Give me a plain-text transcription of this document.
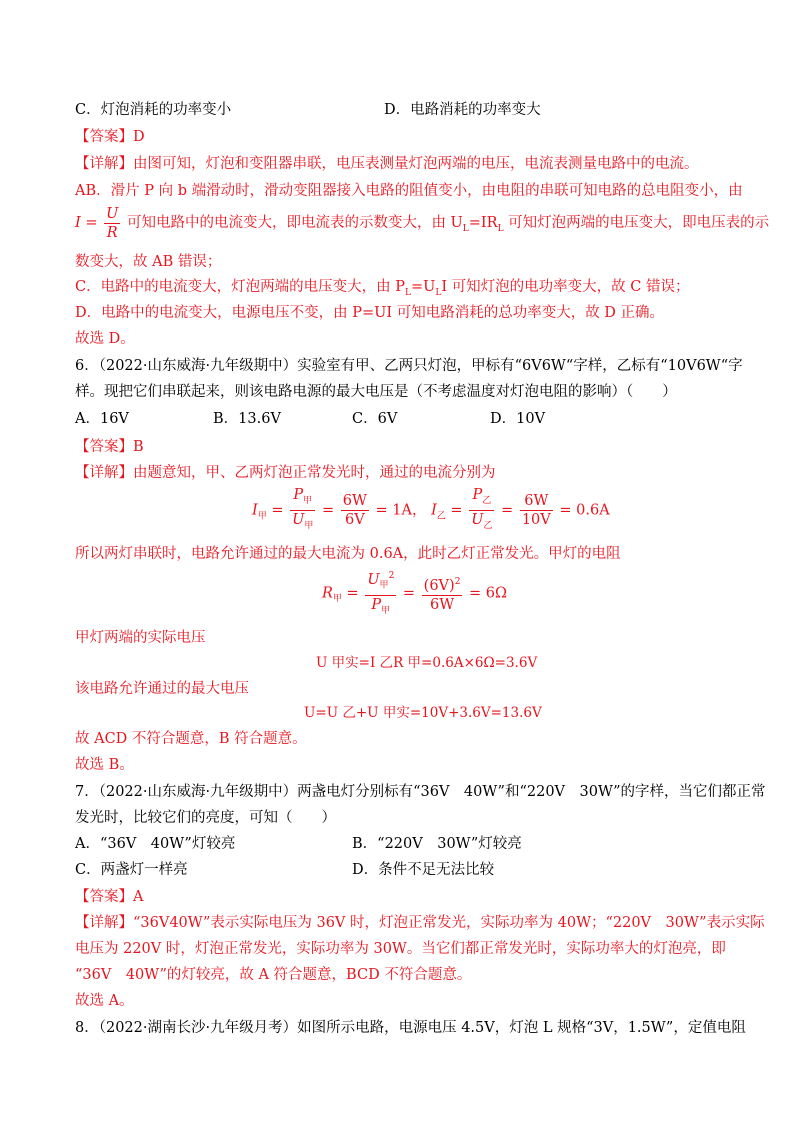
C．灯泡消耗的功率变小	D．电路消耗的功率变大
【答案】D
【详解】由图可知，灯泡和变阻器串联，电压表测量灯泡两端的电压，电流表测量电路中的电流。
AB．滑片 P 向 b 端滑动时，滑动变阻器接入电路的阻值变小，由电阻的串联可知电路的总电阻变小，由
$I = \frac{U}{R}$ 可知电路中的电流变大，即电流表的示数变大，由 $U_L=IR_L$ 可知灯泡两端的电压变大，即电压表的示
数变大，故 AB 错误；
C．电路中的电流变大，灯泡两端的电压变大，由 $P_L=U_LI$ 可知灯泡的电功率变大，故 C 错误；
D．电路中的电流变大，电源电压不变，由 P=UI 可知电路消耗的总功率变大，故 D 正确。
故选 D。
6．（2022·山东威海·九年级期中）实验室有甲、乙两只灯泡，甲标有“6V6W“字样，乙标有“10V6W“字
样。现把它们串联起来，则该电路电源的最大电压是（不考虑温度对灯泡电阻的影响）（　　）
A．16V	B．13.6V	C．6V	D．10V
【答案】B
【详解】由题意知，甲、乙两灯泡正常发光时，通过的电流分别为
$I_甲 = \frac{P_甲}{U_甲} = \frac{6W}{6V} = 1A$， $I_乙 = \frac{P_乙}{U_乙} = \frac{6W}{10V} = 0.6A$
所以两灯串联时，电路允许通过的最大电流为 0.6A，此时乙灯正常发光。甲灯的电阻
$R_甲 = \frac{U_甲^2}{P_甲} = \frac{(6V)^2}{6W} = 6\Omega$
甲灯两端的实际电压
U 甲实=I 乙R 甲=0.6A×6Ω=3.6V
该电路允许通过的最大电压
U=U 乙+U 甲实=10V+3.6V=13.6V
故 ACD 不符合题意，B 符合题意。
故选 B。
7．（2022·山东威海·九年级期中）两盏电灯分别标有“36V　40W”和“220V　30W”的字样，当它们都正常
发光时，比较它们的亮度，可知（　　）
A．“36V　40W”灯较亮	B．“220V　30W”灯较亮
C．两盏灯一样亮	D．条件不足无法比较
【答案】A
【详解】“36V40W”表示实际电压为 36V 时，灯泡正常发光，实际功率为 40W；“220V　30W”表示实际
电压为 220V 时，灯泡正常发光，实际功率为 30W。当它们都正常发光时，实际功率大的灯泡亮，即
“36V　40W”的灯较亮，故 A 符合题意，BCD 不符合题意。
故选 A。
8．（2022·湖南长沙·九年级月考）如图所示电路，电源电压 4.5V，灯泡 L 规格“3V，1.5W”，定值电阻
